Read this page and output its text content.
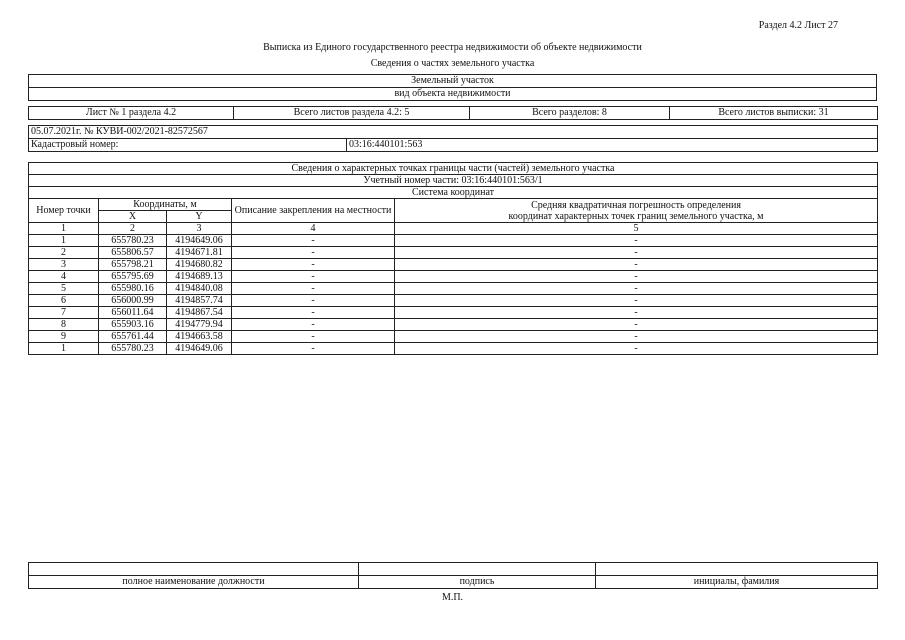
Раздел 4.2 Лист 27
Выписка из Единого государственного реестра недвижимости об объекте недвижимости
Сведения о частях земельного участка
Земельный участок
вид объекта недвижимости
Лист № 1 раздела 4.2	Всего листов раздела 4.2: 5	Всего разделов: 8	Всего листов выписки: 31
05.07.2021г. № КУВИ-002/2021-82572567
Кадастровый номер:	03:16:440101:563
Сведения о характерных точках границы части (частей) земельного участка				
Учетный номер части: 03:16:440101:563/1				
Система координат				
Номер точки	Координаты, м		Описание закрепления на местности	Средняя квадратичная погрешность определения
координат характерных точек границ земельного участка, м

	X	Y		
1	2	3	4	5
1	655780.23	4194649.06	-	-
2	655806.57	4194671.81	-	-
3	655798.21	4194680.82	-	-
4	655795.69	4194689.13	-	-
5	655980.16	4194840.08	-	-
6	656000.99	4194857.74	-	-
7	656011.64	4194867.54	-	-
8	655903.16	4194779.94	-	-
9	655761.44	4194663.58	-	-
1	655780.23	4194649.06	-	-

полное наименование должности	подпись	инициалы, фамилия
М.П.
